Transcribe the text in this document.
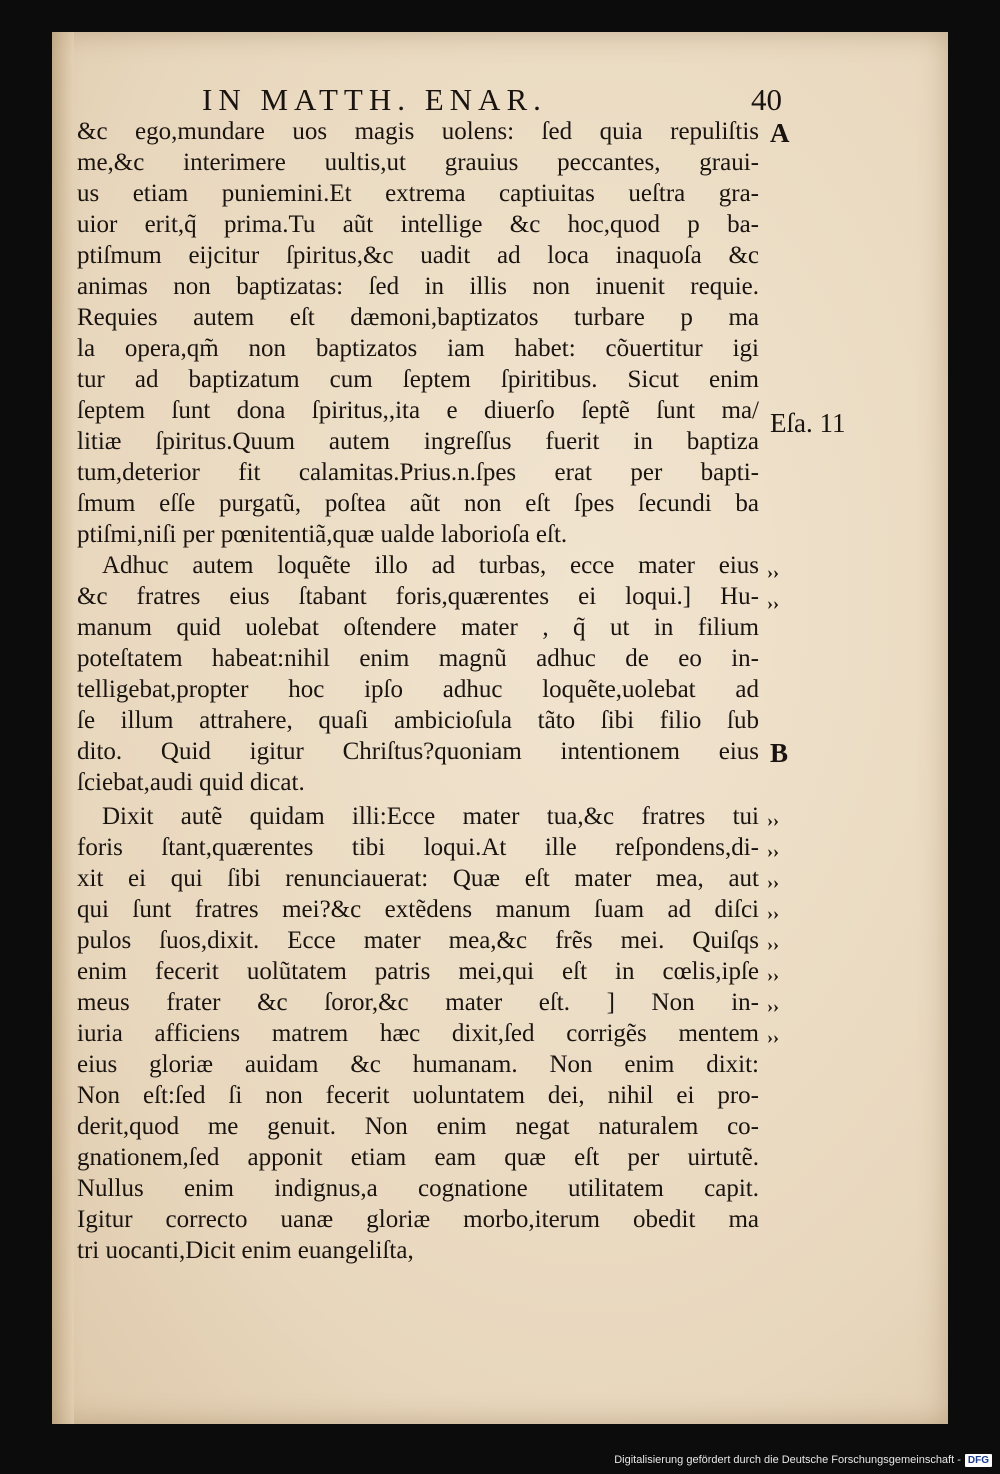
IN MATTH. ENAR.	40
&c ego,mundare uos magis uolens: ſed quia repuliſtis
me,&c interimere uultis,ut grauius peccantes, graui-
us etiam puniemini.Et extrema captiuitas ueſtra gra-
uior erit,q̃ prima.Tu aũt intellige &c hoc,quod p ba-
ptiſmum eijcitur ſpiritus,&c uadit ad loca inaquoſa &c
animas non baptizatas: ſed in illis non inuenit requie.
Requies autem eſt dæmoni,baptizatos turbare p ma
la opera,qm̃ non baptizatos iam habet: cõuertitur igi
tur ad baptizatum cum ſeptem ſpiritibus. Sicut enim
ſeptem ſunt dona ſpiritus,,ita e diuerſo ſeptẽ ſunt ma/
litiæ ſpiritus.Quum autem ingreſſus fuerit in baptiza
tum,deterior fit calamitas.Prius.n.ſpes erat per bapti-
ſmum eſſe purgatũ, poſtea aũt non eſt ſpes ſecundi ba
ptiſmi,niſi per pœnitentiã,quæ ualde laborioſa eſt.
Adhuc autem loquẽte illo ad turbas, ecce mater eius
&c fratres eius ſtabant foris,quærentes ei loqui.] Hu-
manum quid uolebat oſtendere mater , q̃ ut in filium
poteſtatem habeat:nihil enim magnũ adhuc de eo in-
telligebat,propter hoc ipſo adhuc loquẽte,uolebat ad
ſe illum attrahere, quaſi ambicioſula tãto ſibi filio ſub
dito. Quid igitur Chriſtus?quoniam intentionem eius
ſciebat,audi quid dicat.
Dixit autẽ quidam illi:Ecce mater tua,&c fratres tui
foris ſtant,quærentes tibi loqui.At ille reſpondens,di-
xit ei qui ſibi renunciauerat: Quæ eſt mater mea, aut
qui ſunt fratres mei?&c extẽdens manum ſuam ad diſci
pulos ſuos,dixit. Ecce mater mea,&c frẽs mei. Quiſqs
enim fecerit uolũtatem patris mei,qui eſt in cœlis,ipſe
meus frater &c ſoror,&c mater eſt. ] Non in-
iuria afficiens matrem hæc dixit,ſed corrigẽs mentem
eius gloriæ auidam &c humanam. Non enim dixit:
Non eſt:ſed ſi non fecerit uoluntatem dei, nihil ei pro-
derit,quod me genuit. Non enim negat naturalem co-
gnationem,ſed apponit etiam eam quæ eſt per uirtutẽ.
Nullus enim indignus,a cognatione utilitatem capit.
Igitur correcto uanæ gloriæ morbo,iterum obedit ma
tri uocanti,Dicit enim euangeliſta,
A
Eſa. 11
B
››
››
››
››
››
››
››
››
››
››
Digitalisierung gefördert durch die Deutsche Forschungsgemeinschaft - DFG
